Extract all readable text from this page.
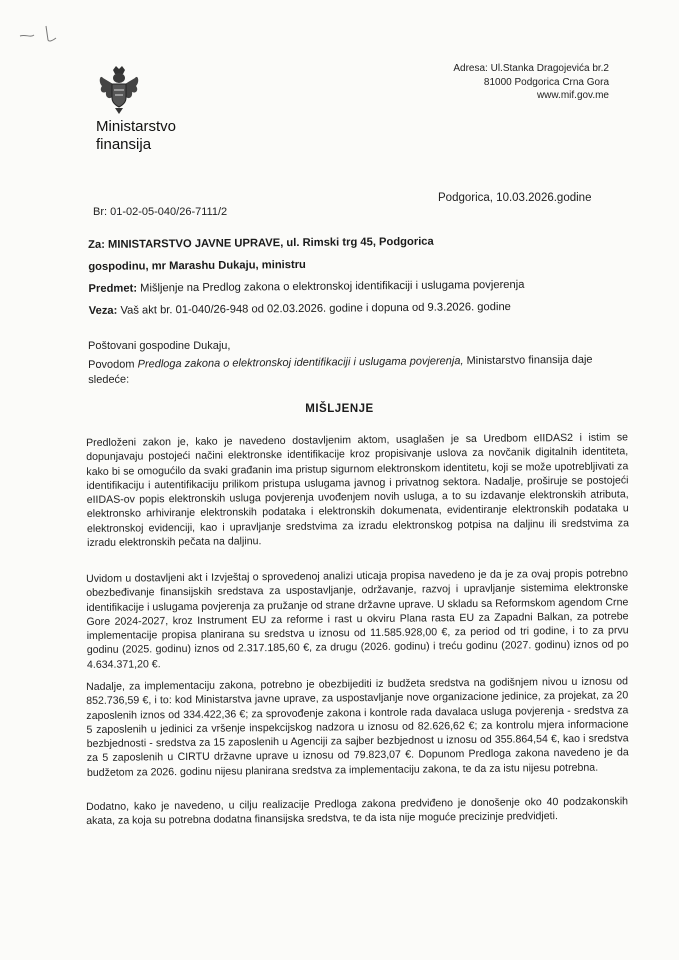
Ministarstvo
finansija
Adresa: Ul.Stanka Dragojevića br.2
81000 Podgorica Crna Gora
www.mif.gov.me
Podgorica, 10.03.2026.godine
Br: 01-02-05-040/26-7111/2
Za: MINISTARSTVO JAVNE UPRAVE, ul. Rimski trg 45, Podgorica
gospodinu, mr Marashu Dukaju, ministru
Predmet: Mišljenje na Predlog zakona o elektronskoj identifikaciji i uslugama povjerenja
Veza: Vaš akt br. 01-040/26-948 od 02.03.2026. godine i dopuna od 9.3.2026. godine
Poštovani gospodine Dukaju,
Povodom Predloga zakona o elektronskoj identifikaciji i uslugama povjerenja, Ministarstvo finansija daje sledeće:
MIŠLJENJE
Predloženi zakon je, kako je navedeno dostavljenim aktom, usaglašen je sa Uredbom eIIDAS2 i istim se dopunjavaju postojeći načini elektronske identifikacije kroz propisivanje uslova za novčanik digitalnih identiteta, kako bi se omogućilo da svaki građanin ima pristup sigurnom elektronskom identitetu, koji se može upotrebljivati za identifikaciju i autentifikaciju prilikom pristupa uslugama javnog i privatnog sektora. Nadalje, proširuje se postojeći eIIDAS-ov popis elektronskih usluga povjerenja uvođenjem novih usluga, a to su izdavanje elektronskih atributa, elektronsko arhiviranje elektronskih podataka i elektronskih dokumenata, evidentiranje elektronskih podataka u elektronskoj evidenciji, kao i upravljanje sredstvima za izradu elektronskog potpisa na daljinu ili sredstvima za izradu elektronskih pečata na daljinu.
Uvidom u dostavljeni akt i Izvještaj o sprovedenoj analizi uticaja propisa navedeno je da je za ovaj propis potrebno obezbeđivanje finansijskih sredstava za uspostavljanje, održavanje, razvoj i upravljanje sistemima elektronske identifikacije i uslugama povjerenja za pružanje od strane državne uprave. U skladu sa Reformskom agendom Crne Gore 2024-2027, kroz Instrument EU za reforme i rast u okviru Plana rasta EU za Zapadni Balkan, za potrebe implementacije propisa planirana su sredstva u iznosu od 11.585.928,00 €, za period od tri godine, i to za prvu godinu (2025. godinu) iznos od 2.317.185,60 €, za drugu (2026. godinu) i treću godinu (2027. godinu) iznos od po 4.634.371,20 €.
Nadalje, za implementaciju zakona, potrebno je obezbijediti iz budžeta sredstva na godišnjem nivou u iznosu od 852.736,59 €, i to: kod Ministarstva javne uprave, za uspostavljanje nove organizacione jedinice, za projekat, za 20 zaposlenih iznos od 334.422,36 €; za sprovođenje zakona i kontrole rada davalaca usluga povjerenja - sredstva za 5 zaposlenih u jedinici za vršenje inspekcijskog nadzora u iznosu od 82.626,62 €; za kontrolu mjera informacione bezbjednosti - sredstva za 15 zaposlenih u Agenciji za sajber bezbjednost u iznosu od 355.864,54 €, kao i sredstva za 5 zaposlenih u CIRTU državne uprave u iznosu od 79.823,07 €. Dopunom Predloga zakona navedeno je da budžetom za 2026. godinu nijesu planirana sredstva za implementaciju zakona, te da za istu nijesu potrebna.
Dodatno, kako je navedeno, u cilju realizacije Predloga zakona predviđeno je donošenje oko 40 podzakonskih akata, za koja su potrebna dodatna finansijska sredstva, te da ista nije moguće precizinje predvidjeti.
